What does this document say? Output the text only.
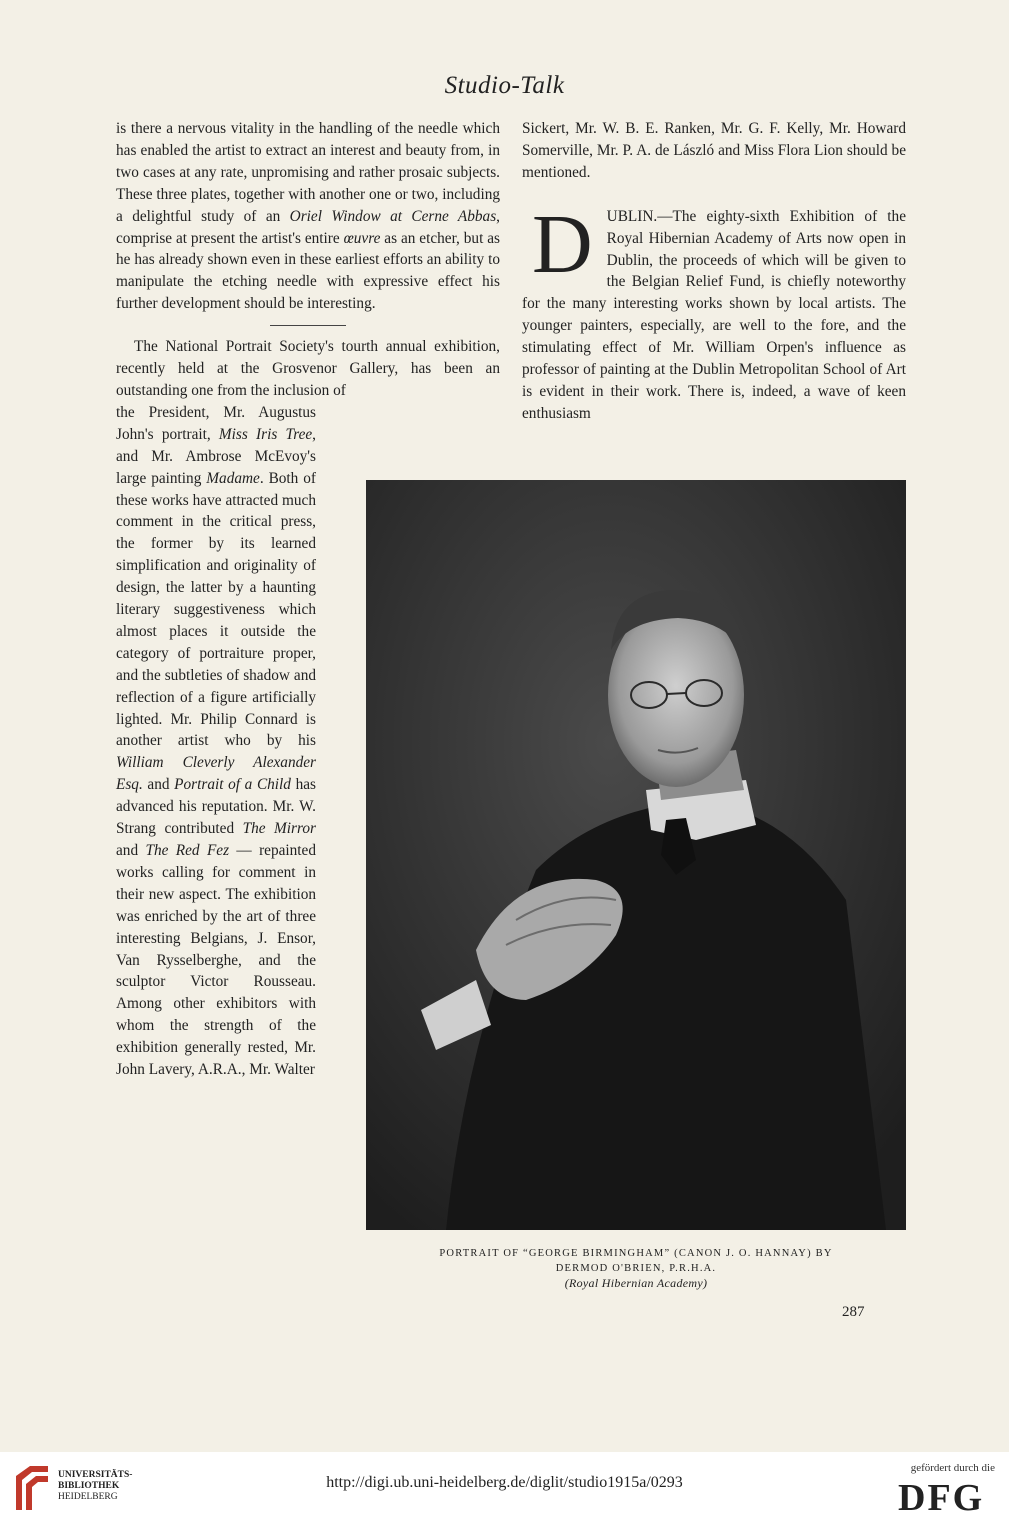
Studio-Talk

is there a nervous vitality in the handling of the needle which has enabled the artist to extract an interest and beauty from, in two cases at any rate, unpromising and rather prosaic subjects. These three plates, together with another one or two, including a delightful study of an Oriel Window at Cerne Abbas, comprise at present the artist's entire œuvre as an etcher, but as he has already shown even in these earliest efforts an ability to manipulate the etching needle with expressive effect his further development should be interesting.

The National Portrait Society's tourth annual exhibition, recently held at the Grosvenor Gallery, has been an outstanding one from the inclusion of

the President, Mr. Augustus John's portrait, Miss Iris Tree, and Mr. Ambrose McEvoy's large painting Madame. Both of these works have attracted much comment in the critical press, the former by its learned simplification and originality of design, the latter by a haunting literary suggestiveness which almost places it outside the category of portraiture proper, and the subtleties of shadow and reflection of a figure artificially lighted. Mr. Philip Connard is another artist who by his William Cleverly Alexander Esq. and Portrait of a Child has advanced his reputation. Mr. W. Strang contributed The Mirror and The Red Fez — repainted works calling for comment in their new aspect. The exhibition was enriched by the art of three interesting Belgians, J. Ensor, Van Rysselberghe, and the sculptor Victor Rousseau. Among other exhibitors with whom the strength of the exhibition generally rested, Mr. John Lavery, A.R.A., Mr. Walter

Sickert, Mr. W. B. E. Ranken, Mr. G. F. Kelly, Mr. Howard Somerville, Mr. P. A. de László and Miss Flora Lion should be mentioned.

DUBLIN.—The eighty-sixth Exhibition of the Royal Hibernian Academy of Arts now open in Dublin, the proceeds of which will be given to the Belgian Relief Fund, is chiefly noteworthy for the many interesting works shown by local artists. The younger painters, especially, are well to the fore, and the stimulating effect of Mr. William Orpen's influence as professor of painting at the Dublin Metropolitan School of Art is evident in their work. There is, indeed, a wave of keen enthusiasm

PORTRAIT OF “GEORGE BIRMINGHAM” (CANON J. O. HANNAY) BY
DERMOD O'BRIEN, P.R.H.A.
(Royal Hibernian Academy)
287
UNIVERSITÄTS-
BIBLIOTHEK
HEIDELBERG
http://digi.ub.uni-heidelberg.de/diglit/studio1915a/0293
gefördert durch die
DFG
